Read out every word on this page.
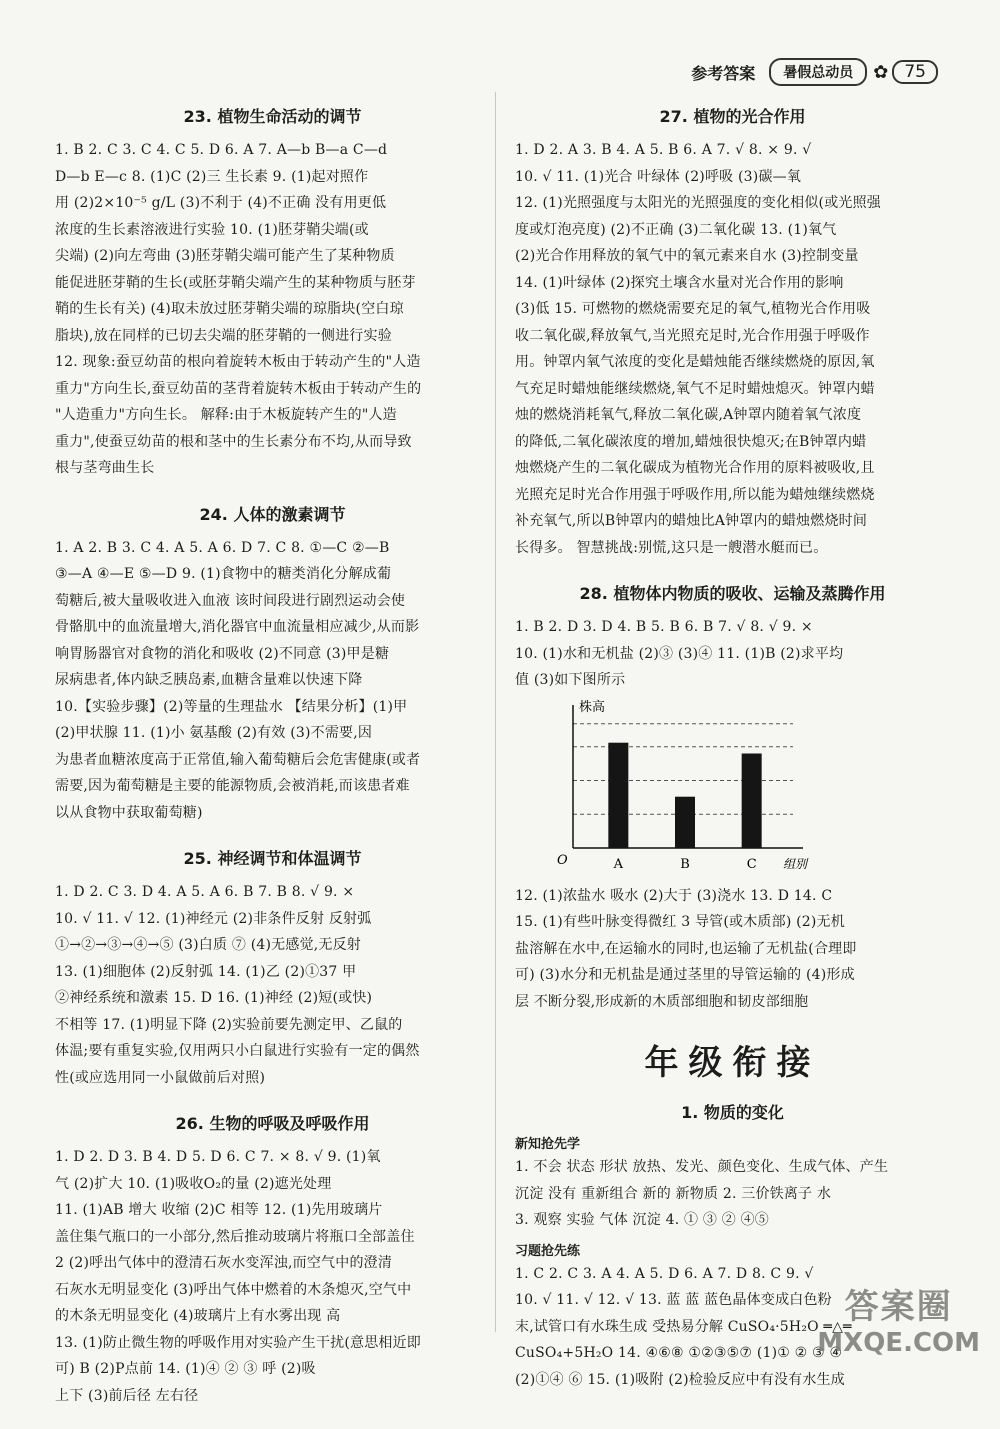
参考答案	暑假总动员	✿ 75
23. 植物生命活动的调节

1. B 2. C 3. C 4. C 5. D 6. A 7. A—b B—a C—d

D—b E—c 8. (1)C (2)三 生长素 9. (1)起对照作

用 (2)2×10⁻⁵ g/L (3)不利于 (4)不正确 没有用更低

浓度的生长素溶液进行实验 10. (1)胚芽鞘尖端(或

尖端) (2)向左弯曲 (3)胚芽鞘尖端可能产生了某种物质

能促进胚芽鞘的生长(或胚芽鞘尖端产生的某种物质与胚芽

鞘的生长有关) (4)取未放过胚芽鞘尖端的琼脂块(空白琼

脂块),放在同样的已切去尖端的胚芽鞘的一侧进行实验

12. 现象:蚕豆幼苗的根向着旋转木板由于转动产生的"人造

重力"方向生长,蚕豆幼苗的茎背着旋转木板由于转动产生的

"人造重力"方向生长。 解释:由于木板旋转产生的"人造

重力",使蚕豆幼苗的根和茎中的生长素分布不均,从而导致

根与茎弯曲生长

24. 人体的激素调节

1. A 2. B 3. C 4. A 5. A 6. D 7. C 8. ①—C ②—B

③—A ④—E ⑤—D 9. (1)食物中的糖类消化分解成葡

萄糖后,被大量吸收进入血液 该时间段进行剧烈运动会使

骨骼肌中的血流量增大,消化器官中血流量相应减少,从而影

响胃肠器官对食物的消化和吸收 (2)不同意 (3)甲是糖

尿病患者,体内缺乏胰岛素,血糖含量难以快速下降

10.【实验步骤】(2)等量的生理盐水 【结果分析】(1)甲

(2)甲状腺 11. (1)小 氨基酸 (2)有效 (3)不需要,因

为患者血糖浓度高于正常值,输入葡萄糖后会危害健康(或者

需要,因为葡萄糖是主要的能源物质,会被消耗,而该患者难

以从食物中获取葡萄糖)

25. 神经调节和体温调节

1. D 2. C 3. D 4. A 5. A 6. B 7. B 8. √ 9. ×

10. √ 11. √ 12. (1)神经元 (2)非条件反射 反射弧

①→②→③→④→⑤ (3)白质 ⑦ (4)无感觉,无反射

13. (1)细胞体 (2)反射弧 14. (1)乙 (2)①37 甲

②神经系统和激素 15. D 16. (1)神经 (2)短(或快)

不相等 17. (1)明显下降 (2)实验前要先测定甲、乙鼠的

体温;要有重复实验,仅用两只小白鼠进行实验有一定的偶然

性(或应选用同一小鼠做前后对照)

26. 生物的呼吸及呼吸作用

1. D 2. D 3. B 4. D 5. D 6. C 7. × 8. √ 9. (1)氧

气 (2)扩大 10. (1)吸收O₂的量 (2)遮光处理

11. (1)AB 增大 收缩 (2)C 相等 12. (1)先用玻璃片

盖住集气瓶口的一小部分,然后推动玻璃片将瓶口全部盖住

2 (2)呼出气体中的澄清石灰水变浑浊,而空气中的澄清

石灰水无明显变化 (3)呼出气体中燃着的木条熄灭,空气中

的木条无明显变化 (4)玻璃片上有水雾出现 高

13. (1)防止微生物的呼吸作用对实验产生干扰(意思相近即

可) B (2)P点前 14. (1)④ ② ③ 呼 (2)吸

上下 (3)前后径 左右径

27. 植物的光合作用

1. D 2. A 3. B 4. A 5. B 6. A 7. √ 8. × 9. √

10. √ 11. (1)光合 叶绿体 (2)呼吸 (3)碳—氧

12. (1)光照强度与太阳光的光照强度的变化相似(或光照强

度或灯泡亮度) (2)不正确 (3)二氧化碳 13. (1)氧气

(2)光合作用释放的氧气中的氧元素来自水 (3)控制变量

14. (1)叶绿体 (2)探究土壤含水量对光合作用的影响

(3)低 15. 可燃物的燃烧需要充足的氧气,植物光合作用吸

收二氧化碳,释放氧气,当光照充足时,光合作用强于呼吸作

用。钟罩内氧气浓度的变化是蜡烛能否继续燃烧的原因,氧

气充足时蜡烛能继续燃烧,氧气不足时蜡烛熄灭。钟罩内蜡

烛的燃烧消耗氧气,释放二氧化碳,A钟罩内随着氧气浓度

的降低,二氧化碳浓度的增加,蜡烛很快熄灭;在B钟罩内蜡

烛燃烧产生的二氧化碳成为植物光合作用的原料被吸收,且

光照充足时光合作用强于呼吸作用,所以能为蜡烛继续燃烧

补充氧气,所以B钟罩内的蜡烛比A钟罩内的蜡烛燃烧时间

长得多。 智慧挑战:别慌,这只是一艘潜水艇而已。

28. 植物体内物质的吸收、运输及蒸腾作用

1. B 2. D 3. D 4. B 5. B 6. B 7. √ 8. √ 9. ×

10. (1)水和无机盐 (2)③ (3)④ 11. (1)B (2)求平均

值 (3)如下图所示

株高
组别
O	A	B	C

12. (1)浓盐水 吸水 (2)大于 (3)浇水 13. D 14. C

15. (1)有些叶脉变得微红 3 导管(或木质部) (2)无机

盐溶解在水中,在运输水的同时,也运输了无机盐(合理即

可) (3)水分和无机盐是通过茎里的导管运输的 (4)形成

层 不断分裂,形成新的木质部细胞和韧皮部细胞

年级衔接
1. 物质的变化
新知抢先学

1. 不会 状态 形状 放热、发光、颜色变化、生成气体、产生

沉淀 没有 重新组合 新的 新物质 2. 三价铁离子 水

3. 观察 实验 气体 沉淀 4. ① ③ ② ④⑤

习题抢先练

1. C 2. C 3. A 4. A 5. D 6. A 7. D 8. C 9. √

10. √ 11. √ 12. √ 13. 蓝 蓝 蓝色晶体变成白色粉

末,试管口有水珠生成 受热易分解 CuSO₄·5H₂O ═△═

CuSO₄+5H₂O 14. ④⑥⑧ ①②③⑤⑦ (1)① ② ③ ④

(2)①④ ⑥ 15. (1)吸附 (2)检验反应中有没有水生成

答案圈
MXQE.COM
